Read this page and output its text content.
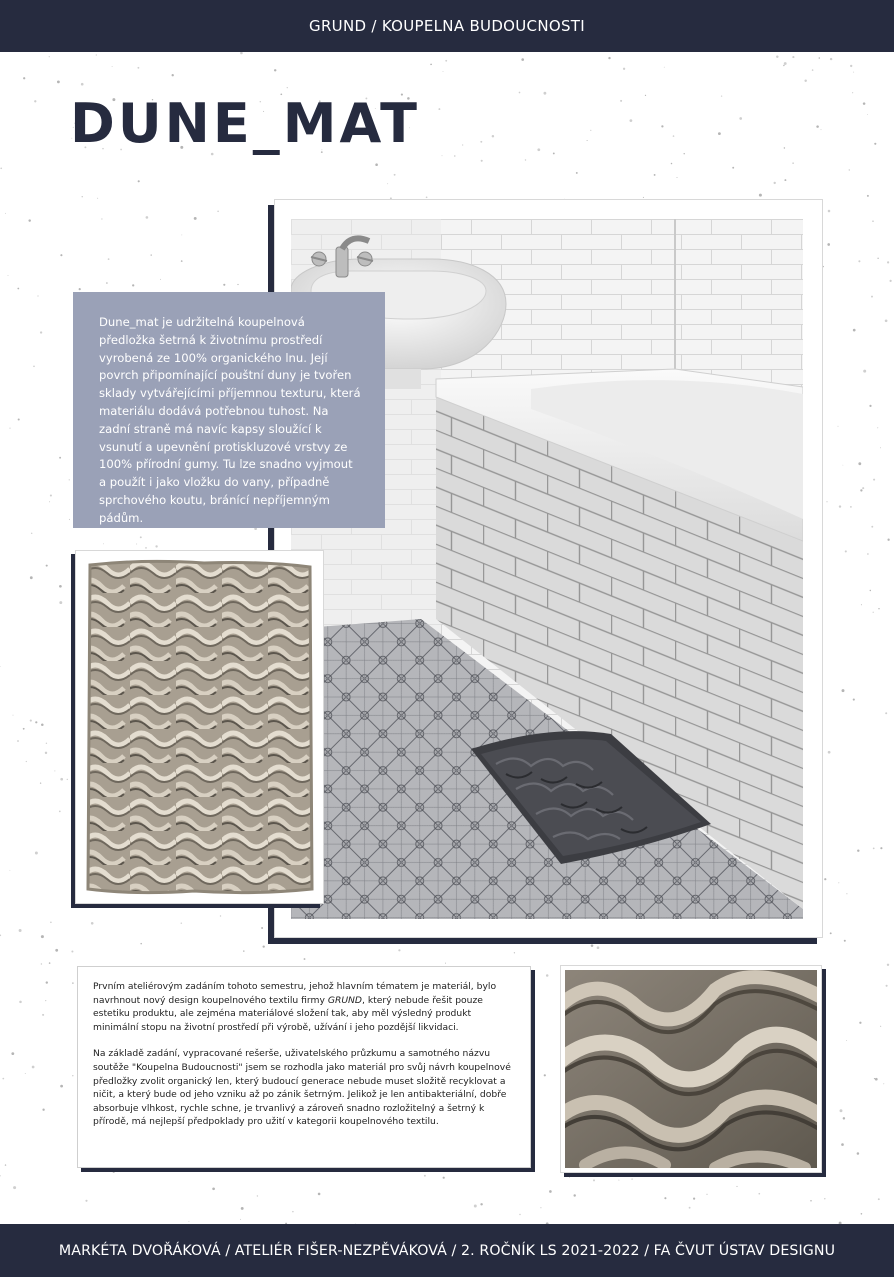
GRUND / KOUPELNA BUDOUCNOSTI
DUNE_MAT
Dune_mat je udržitelná koupelnová předložka šetrná k životnímu prostředí vyrobená ze 100% organického lnu. Její povrch připomínající pouštní duny je tvořen sklady vytvářejícími příjemnou texturu, která materiálu dodává potřebnou tuhost. Na zadní straně má navíc kapsy sloužící k vsunutí a upevnění protiskluzové vrstvy ze 100% přírodní gumy. Tu lze snadno vyjmout a použít i jako vložku do vany, případně sprchového koutu, bránící nepříjemným pádům.

Prvním ateliérovým zadáním tohoto semestru, jehož hlavním tématem je materiál, bylo navrhnout nový design koupelnového textilu firmy GRUND, který nebude řešit pouze estetiku produktu, ale zejména materiálové složení tak, aby měl výsledný produkt minimální stopu na životní prostředí při výrobě, užívání i jeho pozdější likvidaci.

Na základě zadání, vypracované rešerše, uživatelského průzkumu a samotného názvu soutěže "Koupelna Budoucnosti" jsem se rozhodla jako materiál pro svůj návrh koupelnové předložky zvolit organický len, který budoucí generace nebude muset složitě recyklovat a ničit, a který bude od jeho vzniku až po zánik šetrným. Jelikož je len antibakteriální, dobře absorbuje vlhkost, rychle schne, je trvanlivý a zároveň snadno rozložitelný a šetrný k přírodě, má nejlepší předpoklady pro užití v kategorii koupelnového textilu.

MARKÉTA DVOŘÁKOVÁ / ATELIÉR FIŠER-NEZPĚVÁKOVÁ / 2. ROČNÍK LS 2021-2022 / FA ČVUT ÚSTAV DESIGNU
